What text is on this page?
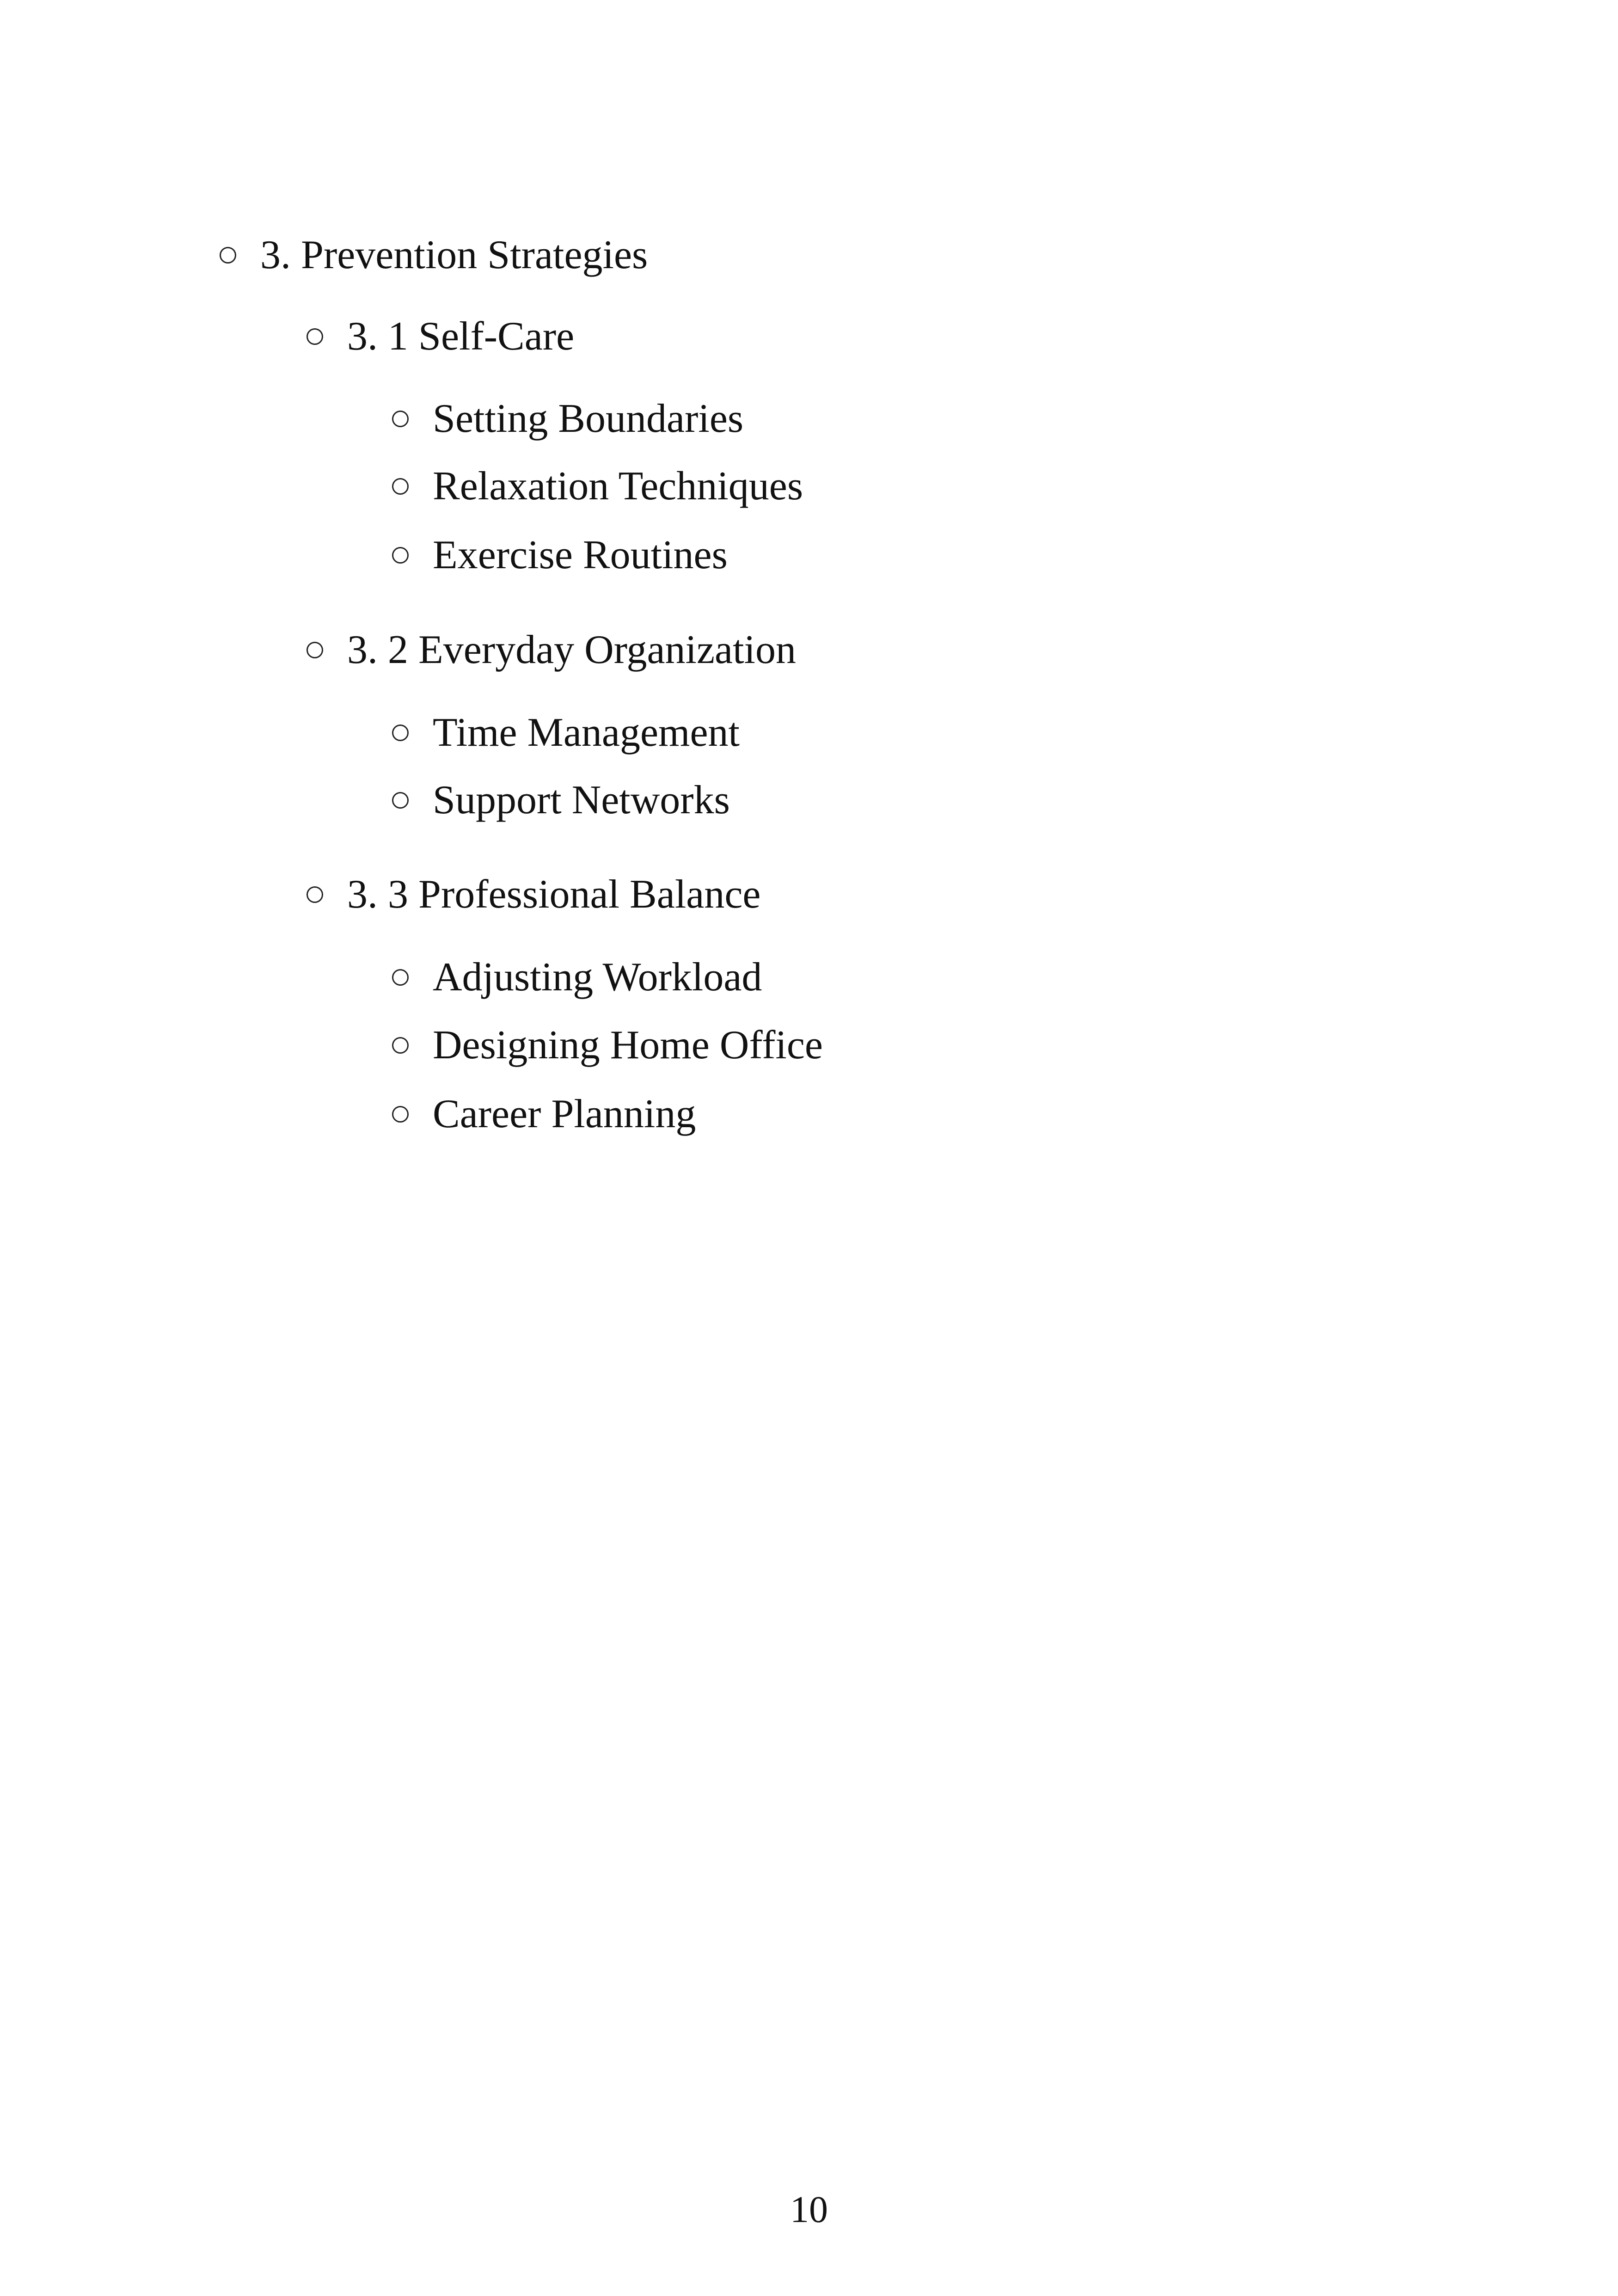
3. Prevention Strategies
3. 1 Self-Care
Setting Boundaries
Relaxation Techniques
Exercise Routines
3. 2 Everyday Organization
Time Management
Support Networks
3. 3 Professional Balance
Adjusting Workload
Designing Home Office
Career Planning
10
